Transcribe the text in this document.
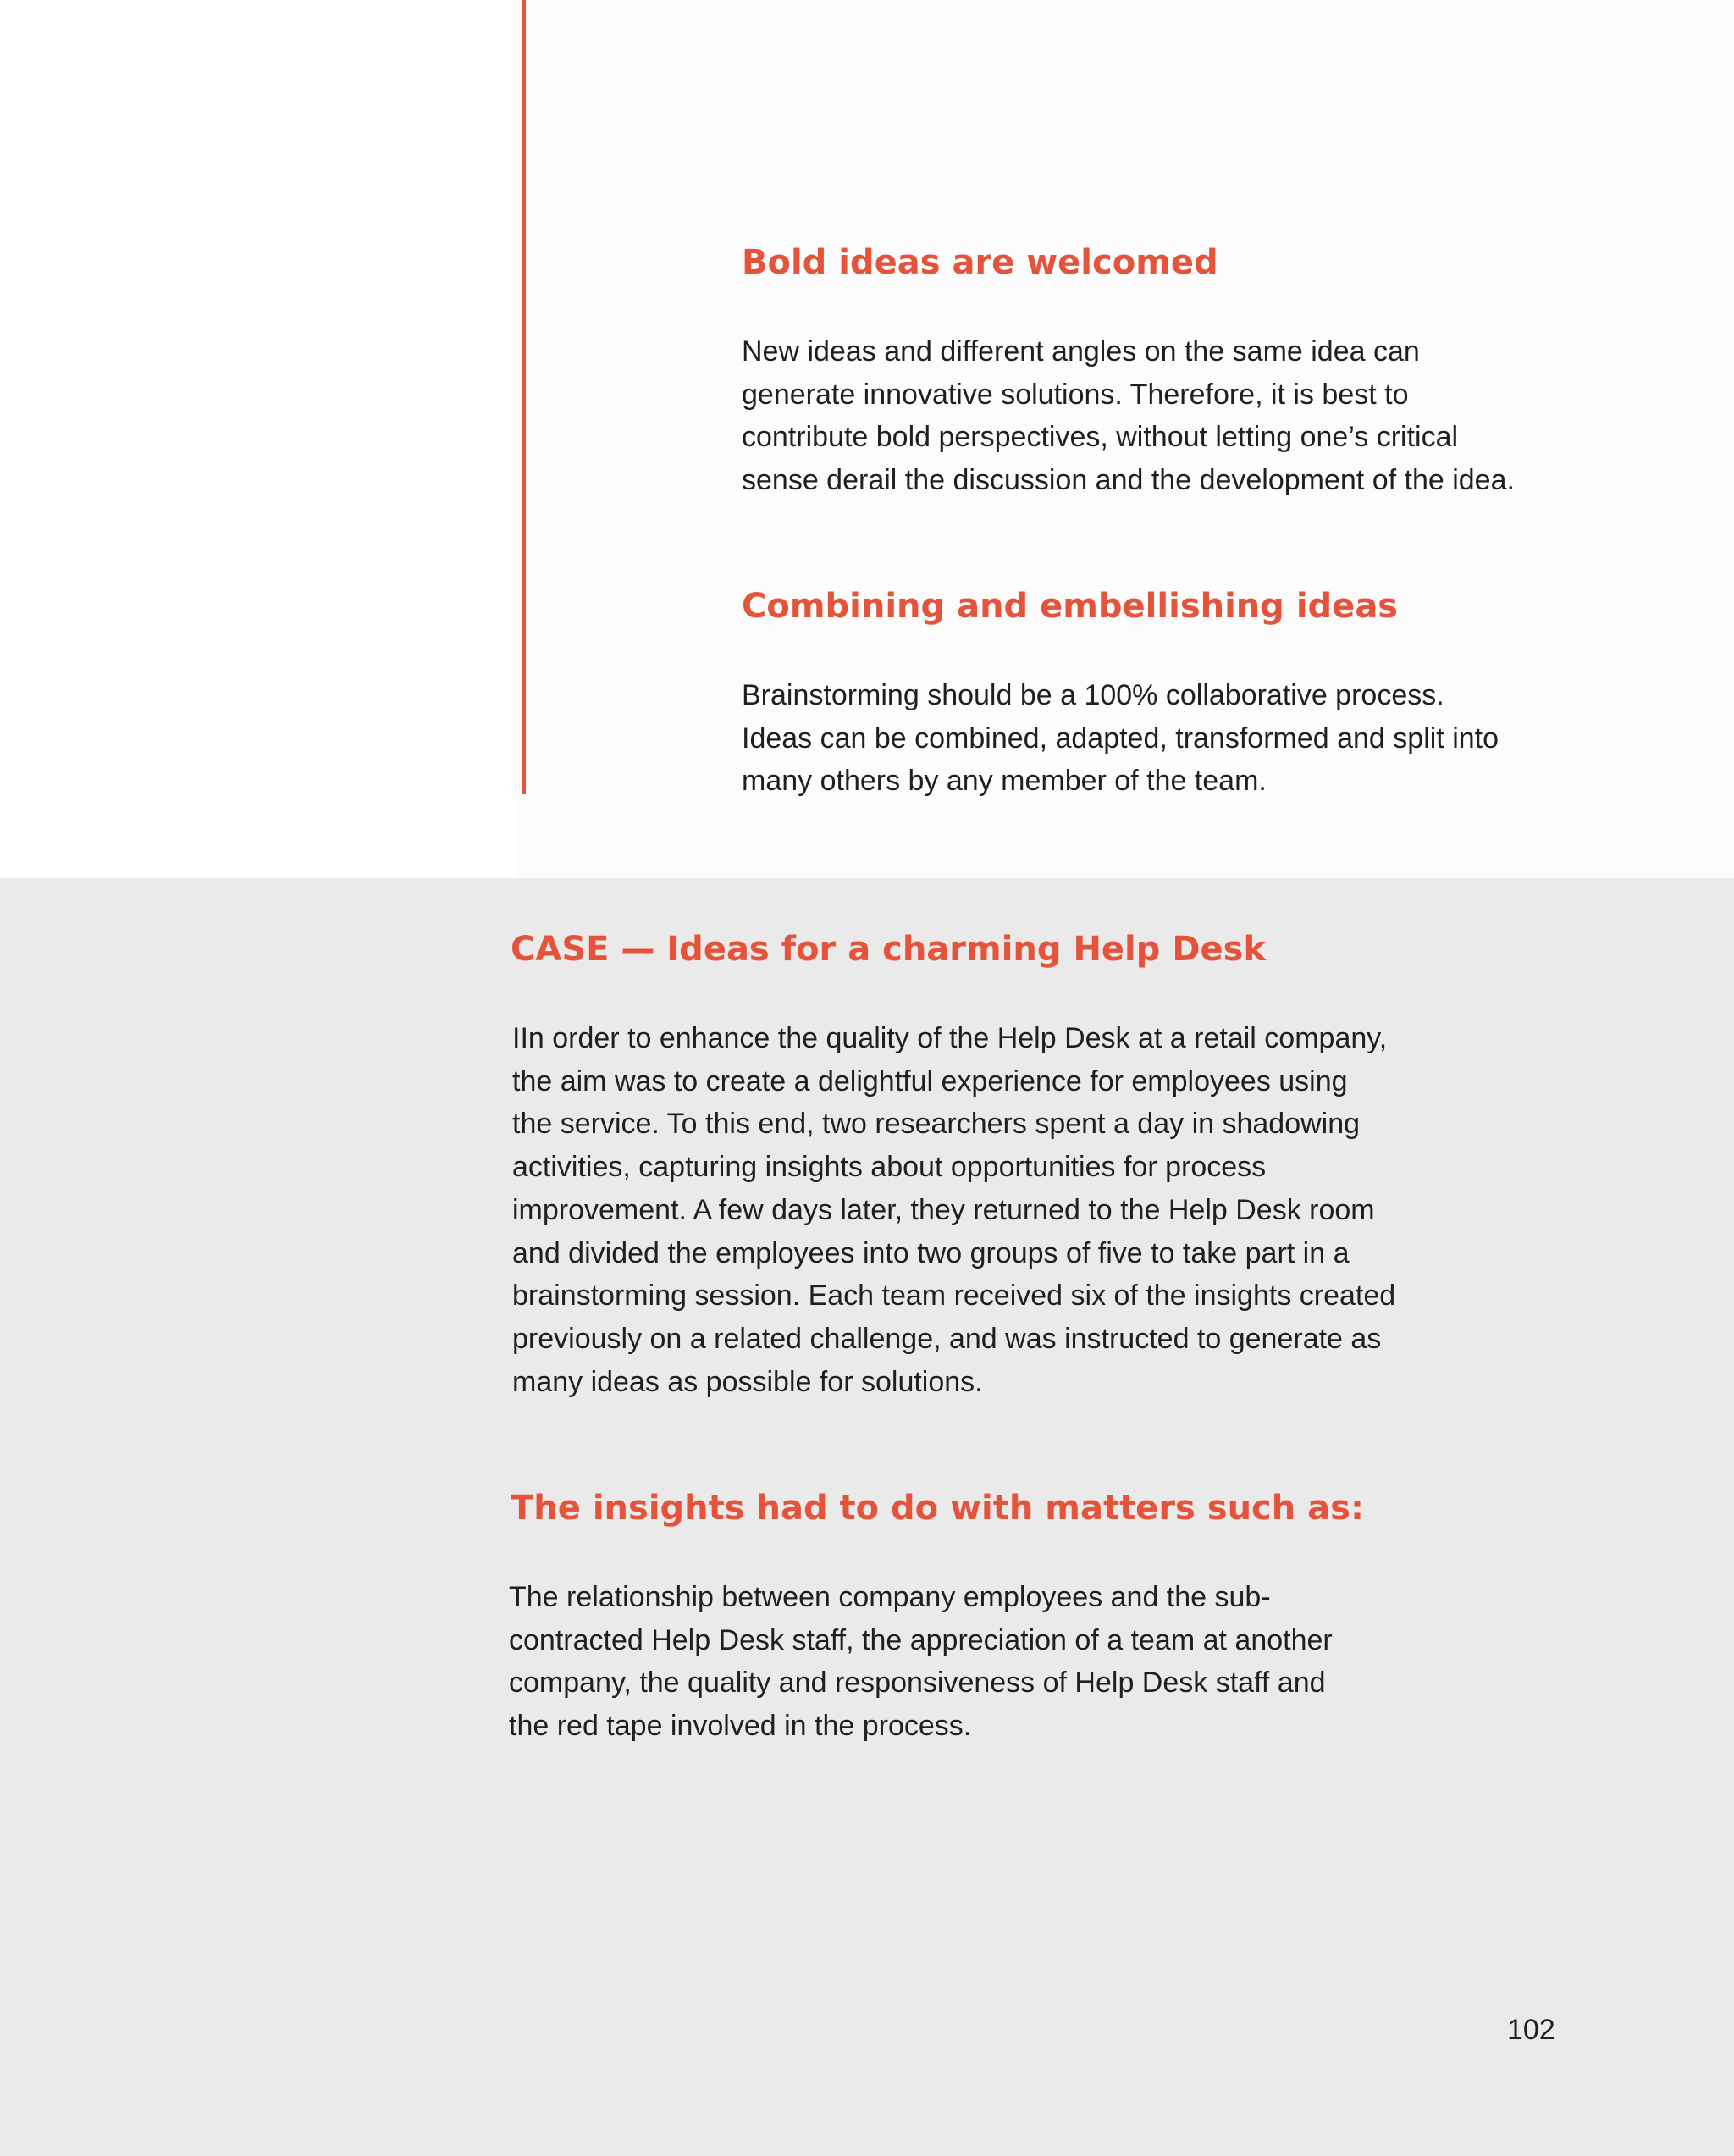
Bold ideas are welcomed

New ideas and different angles on the same idea can
generate innovative solutions. Therefore, it is best to
contribute bold perspectives, without letting one’s critical
sense derail the discussion and the development of the idea.

Combining and embellishing ideas

Brainstorming should be a 100% collaborative process.
Ideas can be combined, adapted, transformed and split into
many others by any member of the team.

CASE — Ideas for a charming Help Desk

IIn order to enhance the quality of the Help Desk at a retail company,
the aim was to create a delightful experience for employees using
the service. To this end, two researchers spent a day in shadowing
activities, capturing insights about opportunities for process
improvement. A few days later, they returned to the Help Desk room
and divided the employees into two groups of five to take part in a
brainstorming session. Each team received six of the insights created
previously on a related challenge, and was instructed to generate as
many ideas as possible for solutions.

The insights had to do with matters such as:

The relationship between company employees and the sub-
contracted Help Desk staff, the appreciation of a team at another
company, the quality and responsiveness of Help Desk staff and
the red tape involved in the process.

102
